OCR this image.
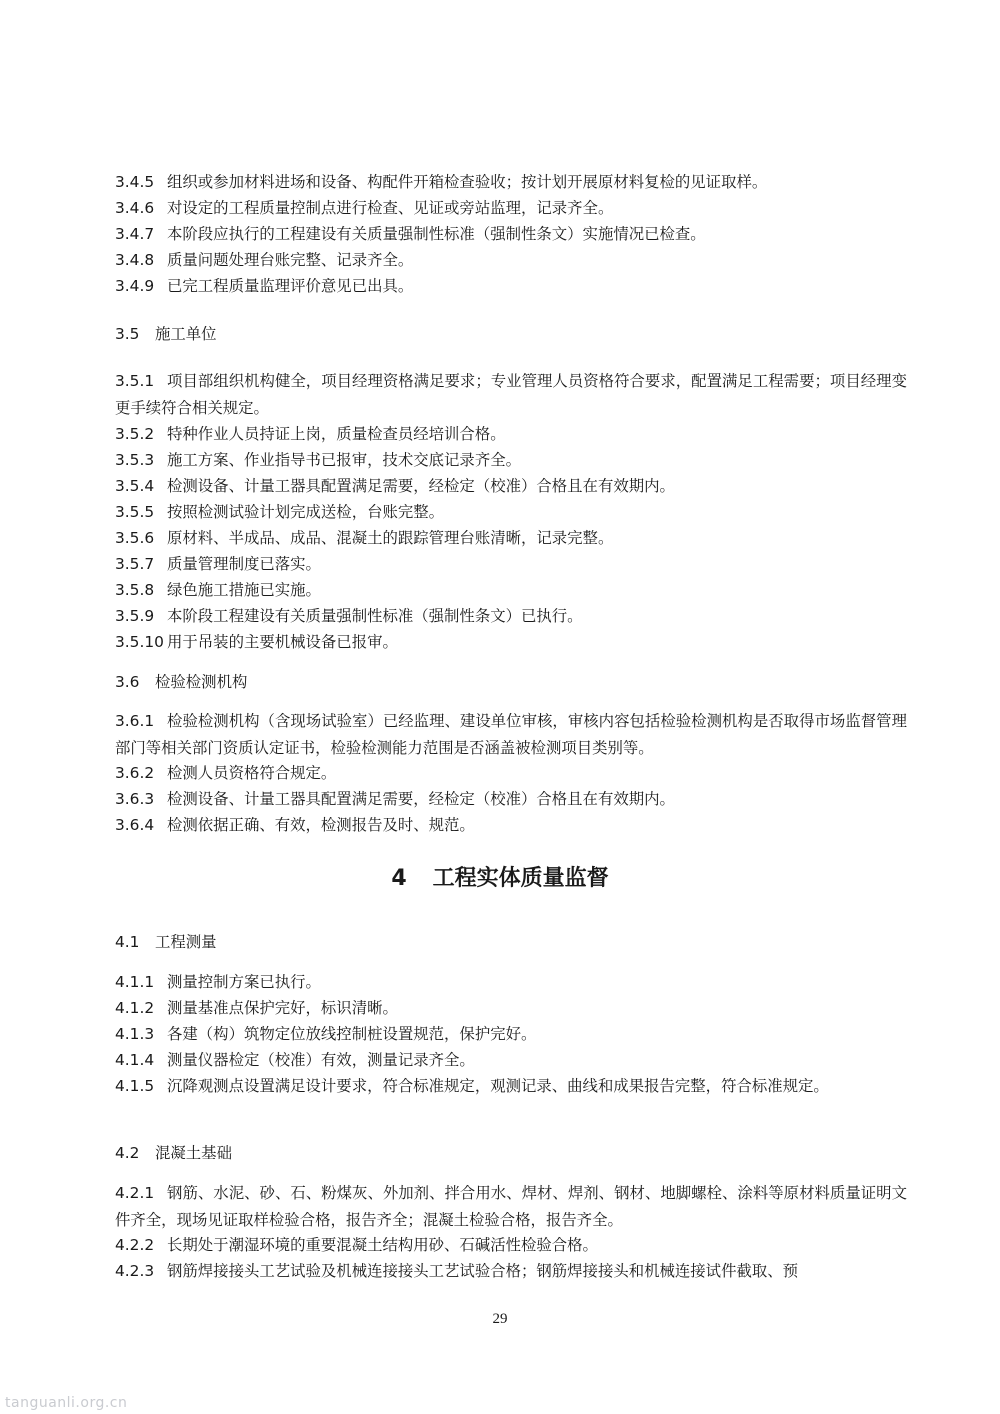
3.4.5 组织或参加材料进场和设备、构配件开箱检查验收；按计划开展原材料复检的见证取样。

3.4.6 对设定的工程质量控制点进行检查、见证或旁站监理，记录齐全。

3.4.7 本阶段应执行的工程建设有关质量强制性标准（强制性条文）实施情况已检查。

3.4.8 质量问题处理台账完整、记录齐全。

3.4.9 已完工程质量监理评价意见已出具。

3.5 施工单位

3.5.1 项目部组织机构健全，项目经理资格满足要求；专业管理人员资格符合要求，配置满足工程需要；项目经理变更手续符合相关规定。

3.5.2 特种作业人员持证上岗，质量检查员经培训合格。

3.5.3 施工方案、作业指导书已报审，技术交底记录齐全。

3.5.4 检测设备、计量工器具配置满足需要，经检定（校准）合格且在有效期内。

3.5.5 按照检测试验计划完成送检，台账完整。

3.5.6 原材料、半成品、成品、混凝土的跟踪管理台账清晰，记录完整。

3.5.7 质量管理制度已落实。

3.5.8 绿色施工措施已实施。

3.5.9 本阶段工程建设有关质量强制性标准（强制性条文）已执行。

3.5.10 用于吊装的主要机械设备已报审。

3.6 检验检测机构

3.6.1 检验检测机构（含现场试验室）已经监理、建设单位审核，审核内容包括检验检测机构是否取得市场监督管理部门等相关部门资质认定证书，检验检测能力范围是否涵盖被检测项目类别等。

3.6.2 检测人员资格符合规定。

3.6.3 检测设备、计量工器具配置满足需要，经检定（校准）合格且在有效期内。

3.6.4 检测依据正确、有效，检测报告及时、规范。

4 工程实体质量监督
4.1 工程测量

4.1.1 测量控制方案已执行。

4.1.2 测量基准点保护完好，标识清晰。

4.1.3 各建（构）筑物定位放线控制桩设置规范，保护完好。

4.1.4 测量仪器检定（校准）有效，测量记录齐全。

4.1.5 沉降观测点设置满足设计要求，符合标准规定，观测记录、曲线和成果报告完整，符合标准规定。

4.2 混凝土基础

4.2.1 钢筋、水泥、砂、石、粉煤灰、外加剂、拌合用水、焊材、焊剂、钢材、地脚螺栓、涂料等原材料质量证明文件齐全，现场见证取样检验合格，报告齐全；混凝土检验合格，报告齐全。

4.2.2 长期处于潮湿环境的重要混凝土结构用砂、石碱活性检验合格。

4.2.3 钢筋焊接接头工艺试验及机械连接接头工艺试验合格；钢筋焊接接头和机械连接试件截取、预

29
tanguanli.org.cn
